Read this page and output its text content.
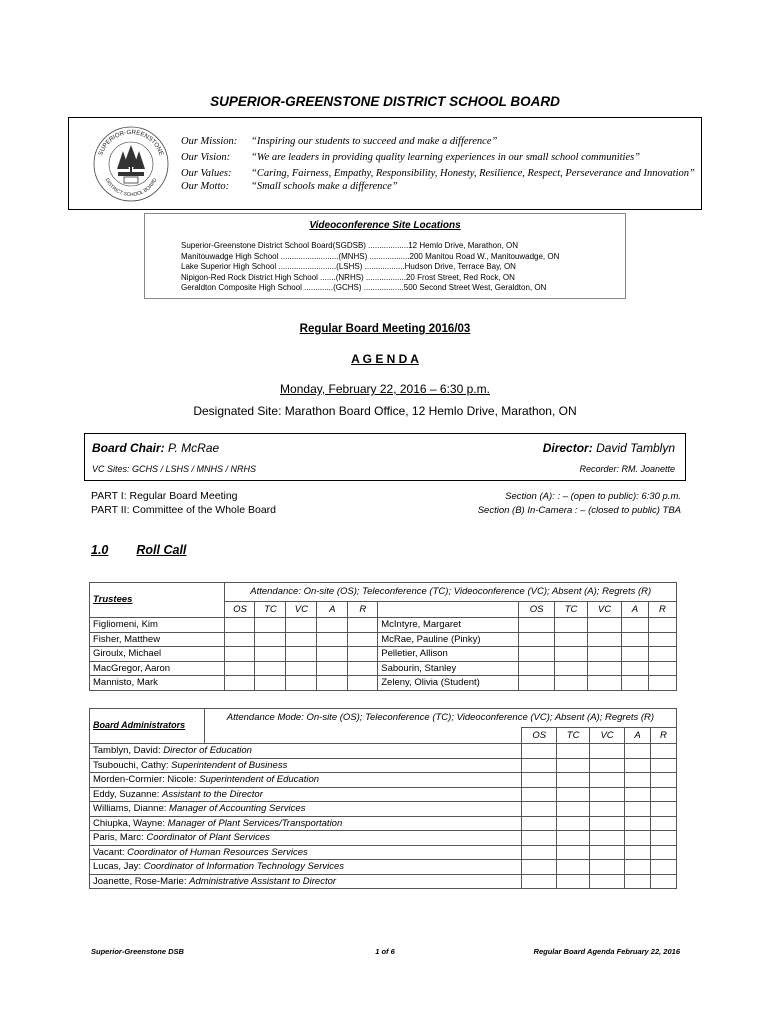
SUPERIOR-GREENSTONE DISTRICT SCHOOL BOARD
Our Mission: “Inspiring our students to succeed and make a difference”
Our Vision: “We are leaders in providing quality learning experiences in our small school communities”
Our Values: “Caring, Fairness, Empathy, Responsibility, Honesty, Resilience, Respect, Perseverance and Innovation”
Our Motto: “Small schools make a difference”
SUPERIOR-GREENSTONE
DISTRICT SCHOOL BOARD
Videoconference Site Locations
Superior-Greenstone District School Board(SGDSB) ..................12 Hemlo Drive, Marathon, ON
Manitouwadge High School ..........................(MNHS) ..................200 Manitou Road W., Manitouwadge, ON
Lake Superior High School ..........................(LSHS) ..................Hudson Drive, Terrace Bay, ON
Nipigon-Red Rock District High School .......(NRHS) ..................20 Frost Street, Red Rock, ON
Geraldton Composite High School .............(GCHS) ..................500 Second Street West, Geraldton, ON
Regular Board Meeting 2016/03
A G E N D A
Monday, February 22, 2016 – 6:30 p.m.
Designated Site: Marathon Board Office, 12 Hemlo Drive, Marathon, ON
Board Chair: P. McRae	Director: David Tamblyn
VC Sites: GCHS / LSHS / MNHS / NRHS	Recorder: RM. Joanette
PART I: Regular Board Meeting
PART II: Committee of the Whole Board
Section (A): : – (open to public): 6:30 p.m.
Section (B) In-Camera : – (closed to public) TBA
1.0 Roll Call
Trustees	Attendance: On-site (OS); Teleconference (TC); Videoconference (VC); Absent (A); Regrets (R)										
	OS	TC	VC	A	R		OS	TC	VC	A	R
Figliomeni, Kim						McIntyre, Margaret					
Fisher, Matthew						McRae, Pauline (Pinky)					
Giroulx, Michael						Pelletier, Allison					
MacGregor, Aaron						Sabourin, Stanley					
Mannisto, Mark						Zeleny, Olivia (Student)					
Board Administrators	Attendance Mode: On-site (OS); Teleconference (TC); Videoconference (VC); Absent (A); Regrets (R)					
		OS	TC	VC	A	R
Tamblyn, David: Director of Education						
Tsubouchi, Cathy: Superintendent of Business						
Morden-Cormier: Nicole: Superintendent of Education						
Eddy, Suzanne: Assistant to the Director						
Williams, Dianne: Manager of Accounting Services						
Chiupka, Wayne: Manager of Plant Services/Transportation						
Paris, Marc: Coordinator of Plant Services						
Vacant: Coordinator of Human Resources Services						
Lucas, Jay: Coordinator of Information Technology Services						
Joanette, Rose-Marie: Administrative Assistant to Director						
Superior-Greenstone DSB	1 of 6	Regular Board Agenda February 22, 2016
